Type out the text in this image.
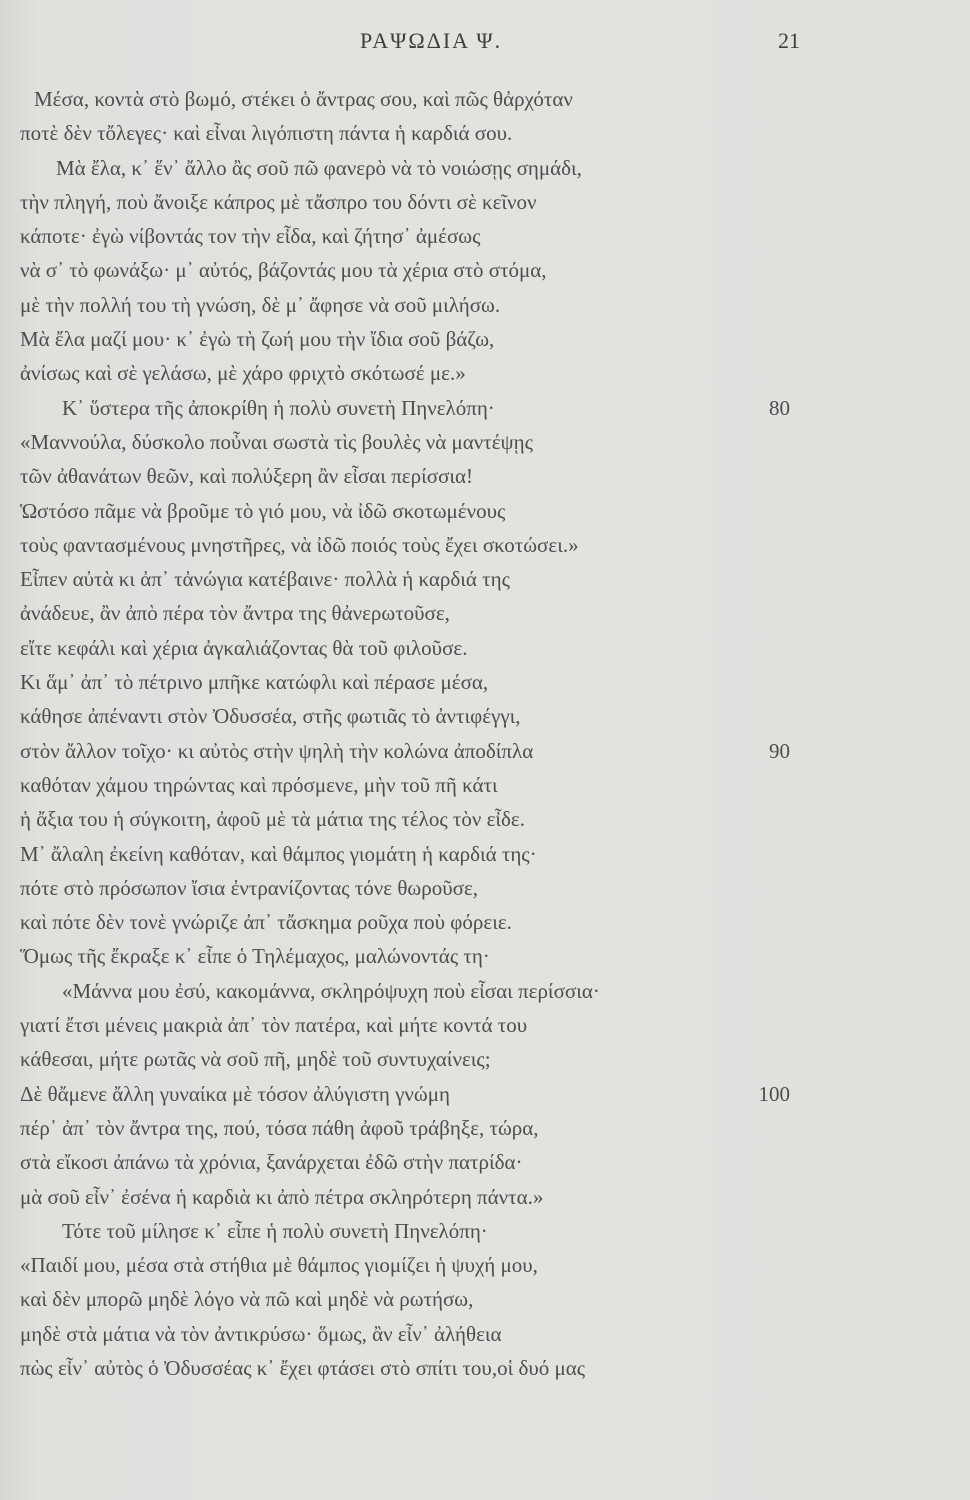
ΡΑΨΩΔΙΑ Ψ.	21
Μέσα, κοντὰ στὸ βωμό, στέκει ὁ ἄντρας σου, καὶ πῶς θἀρχόταν
ποτὲ δὲν τὄλεγες· καὶ εἶναι λιγόπιστη πάντα ἡ καρδιά σου.
Μὰ ἔλα, κ᾽ ἕν᾽ ἄλλο ἂς σοῦ πῶ φανερὸ νὰ τὸ νοιώσῃς σημάδι,
τὴν πληγή, ποὺ ἄνοιξε κάπρος μὲ τἄσπρο του δόντι σὲ κεῖνον
κάποτε· ἐγὼ νίβοντάς τον τὴν εἶδα, καὶ ζήτησ᾽ ἀμέσως
νὰ σ᾽ τὸ φωνάξω· μ᾽ αὐτός, βάζοντάς μου τὰ χέρια στὸ στόμα,
μὲ τὴν πολλή του τὴ γνώση, δὲ μ᾽ ἄφησε νὰ σοῦ μιλήσω.
Μὰ ἔλα μαζί μου· κ᾽ ἐγὼ τὴ ζωή μου τὴν ἴδια σοῦ βάζω,
ἀνίσως καὶ σὲ γελάσω, μὲ χάρο φριχτὸ σκότωσέ με.»
Κ᾽ ὕστερα τῆς ἀποκρίθη ἡ πολὺ συνετὴ Πηνελόπη·	80
«Μαννούλα, δύσκολο ποὖναι σωστὰ τὶς βουλὲς νὰ μαντέψῃς
τῶν ἀθανάτων θεῶν, καὶ πολύξερη ἂν εἶσαι περίσσια!
Ὡστόσο πᾶμε νὰ βροῦμε τὸ γιό μου, νὰ ἰδῶ σκοτωμένους
τοὺς φαντασμένους μνηστῆρες, νὰ ἰδῶ ποιός τοὺς ἔχει σκοτώσει.»
Εἶπεν αὐτὰ κι ἀπ᾽ τἀνώγια κατέβαινε· πολλὰ ἡ καρδιά της
ἀνάδευε, ἂν ἀπὸ πέρα τὸν ἄντρα της θἀνερωτοῦσε,
εἴτε κεφάλι καὶ χέρια ἀγκαλιάζοντας θὰ τοῦ φιλοῦσε.
Κι ἅμ᾽ ἀπ᾽ τὸ πέτρινο μπῆκε κατώφλι καὶ πέρασε μέσα,
κάθησε ἀπέναντι στὸν Ὀδυσσέα, στῆς φωτιᾶς τὸ ἀντιφέγγι,
στὸν ἄλλον τοῖχο· κι αὐτὸς στὴν ψηλὴ τὴν κολώνα ἀποδίπλα	90
καθόταν χάμου τηρώντας καὶ πρόσμενε, μὴν τοῦ πῆ κάτι
ἡ ἄξια του ἡ σύγκοιτη, ἀφοῦ μὲ τὰ μάτια της τέλος τὸν εἶδε.
Μ᾽ ἄλαλη ἐκείνη καθόταν, καὶ θάμπος γιομάτη ἡ καρδιά της·
πότε στὸ πρόσωπον ἴσια ἐντρανίζοντας τόνε θωροῦσε,
καὶ πότε δὲν τονὲ γνώριζε ἀπ᾽ τἄσκημα ροῦχα ποὺ φόρειε.
Ὅμως τῆς ἔκραξε κ᾽ εἶπε ὁ Τηλέμαχος, μαλώνοντάς τη·
«Μάννα μου ἐσύ, κακομάννα, σκληρόψυχη ποὺ εἶσαι περίσσια·
γιατί ἔτσι μένεις μακριὰ ἀπ᾽ τὸν πατέρα, καὶ μήτε κοντά του
κάθεσαι, μήτε ρωτᾶς νὰ σοῦ πῆ, μηδὲ τοῦ συντυχαίνεις;
Δὲ θἄμενε ἄλλη γυναίκα μὲ τόσον ἀλύγιστη γνώμη	100
πέρ᾽ ἀπ᾽ τὸν ἄντρα της, πού, τόσα πάθη ἀφοῦ τράβηξε, τώρα,
στὰ εἴκοσι ἀπάνω τὰ χρόνια, ξανάρχεται ἐδῶ στὴν πατρίδα·
μὰ σοῦ εἶν᾽ ἐσένα ἡ καρδιὰ κι ἀπὸ πέτρα σκληρότερη πάντα.»
Τότε τοῦ μίλησε κ᾽ εἶπε ἡ πολὺ συνετὴ Πηνελόπη·
«Παιδί μου, μέσα στὰ στήθια μὲ θάμπος γιομίζει ἡ ψυχή μου,
καὶ δὲν μπορῶ μηδὲ λόγο νὰ πῶ καὶ μηδὲ νὰ ρωτήσω,
μηδὲ στὰ μάτια νὰ τὸν ἀντικρύσω· ὅμως, ἂν εἶν᾽ ἀλήθεια
πὼς εἶν᾽ αὐτὸς ὁ Ὀδυσσέας κ᾽ ἔχει φτάσει στὸ σπίτι του,οἱ δυό μας
